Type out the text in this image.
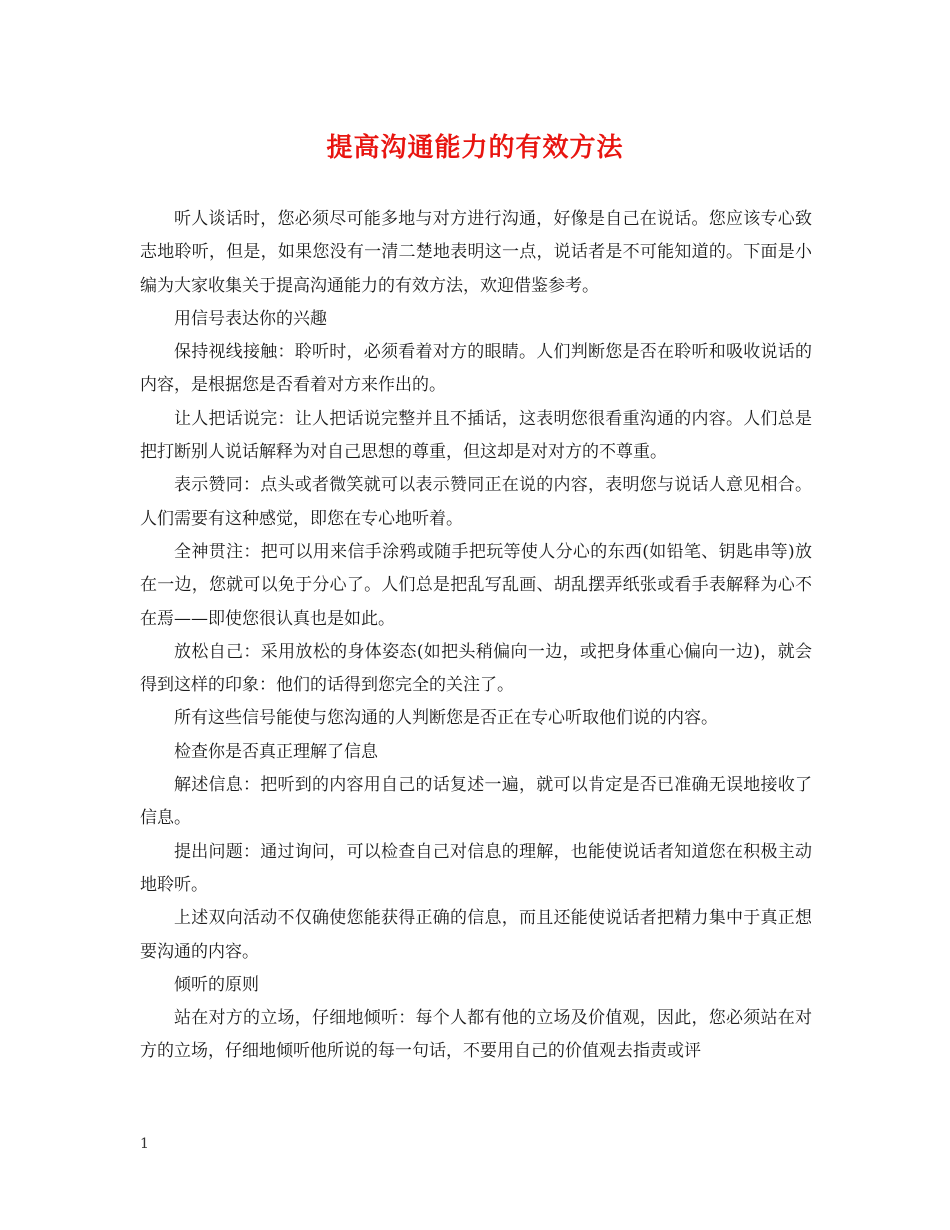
提高沟通能力的有效方法

听人谈话时，您必须尽可能多地与对方进行沟通，好像是自己在说话。您应该专心致志地聆听，但是，如果您没有一清二楚地表明这一点，说话者是不可能知道的。下面是小编为大家收集关于提高沟通能力的有效方法，欢迎借鉴参考。

用信号表达你的兴趣

保持视线接触：聆听时，必须看着对方的眼睛。人们判断您是否在聆听和吸收说话的内容，是根据您是否看着对方来作出的。

让人把话说完：让人把话说完整并且不插话，这表明您很看重沟通的内容。人们总是把打断别人说话解释为对自己思想的尊重，但这却是对对方的不尊重。

表示赞同：点头或者微笑就可以表示赞同正在说的内容，表明您与说话人意见相合。人们需要有这种感觉，即您在专心地听着。

全神贯注：把可以用来信手涂鸦或随手把玩等使人分心的东西(如铅笔、钥匙串等)放在一边，您就可以免于分心了。人们总是把乱写乱画、胡乱摆弄纸张或看手表解释为心不在焉——即使您很认真也是如此。

放松自己：采用放松的身体姿态(如把头稍偏向一边，或把身体重心偏向一边)，就会得到这样的印象：他们的话得到您完全的关注了。

所有这些信号能使与您沟通的人判断您是否正在专心听取他们说的内容。

检查你是否真正理解了信息

解述信息：把听到的内容用自己的话复述一遍，就可以肯定是否已准确无误地接收了信息。

提出问题：通过询问，可以检查自己对信息的理解，也能使说话者知道您在积极主动地聆听。

上述双向活动不仅确使您能获得正确的信息，而且还能使说话者把精力集中于真正想要沟通的内容。

倾听的原则

站在对方的立场，仔细地倾听：每个人都有他的立场及价值观，因此，您必须站在对方的立场，仔细地倾听他所说的每一句话，不要用自己的价值观去指责或评

1
